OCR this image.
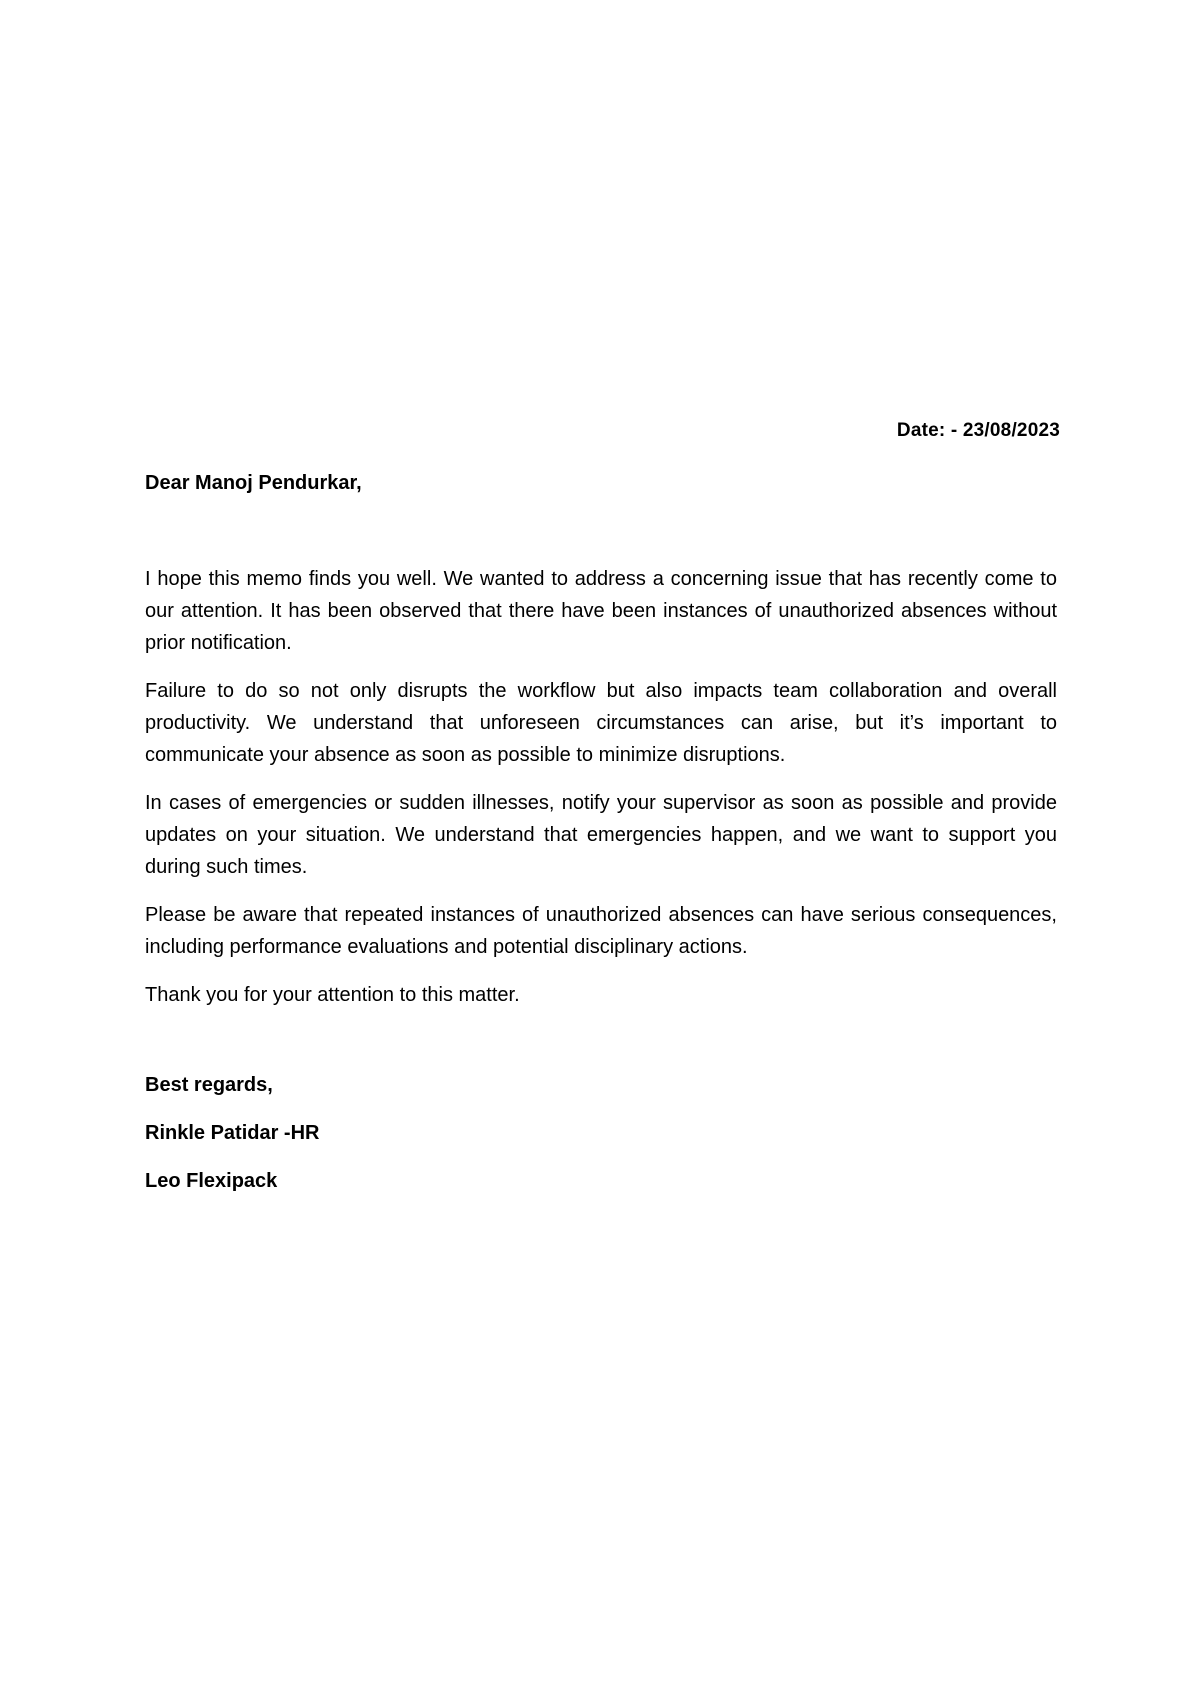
Date: - 23/08/2023
Dear Manoj Pendurkar,

I hope this memo finds you well. We wanted to address a concerning issue that has recently come to our attention. It has been observed that there have been instances of unauthorized absences without prior notification.

Failure to do so not only disrupts the workflow but also impacts team collaboration and overall productivity. We understand that unforeseen circumstances can arise, but it’s important to communicate your absence as soon as possible to minimize disruptions.

In cases of emergencies or sudden illnesses, notify your supervisor as soon as possible and provide updates on your situation. We understand that emergencies happen, and we want to support you during such times.

Please be aware that repeated instances of unauthorized absences can have serious consequences, including performance evaluations and potential disciplinary actions.

Thank you for your attention to this matter.

Best regards,
Rinkle Patidar -HR
Leo Flexipack
